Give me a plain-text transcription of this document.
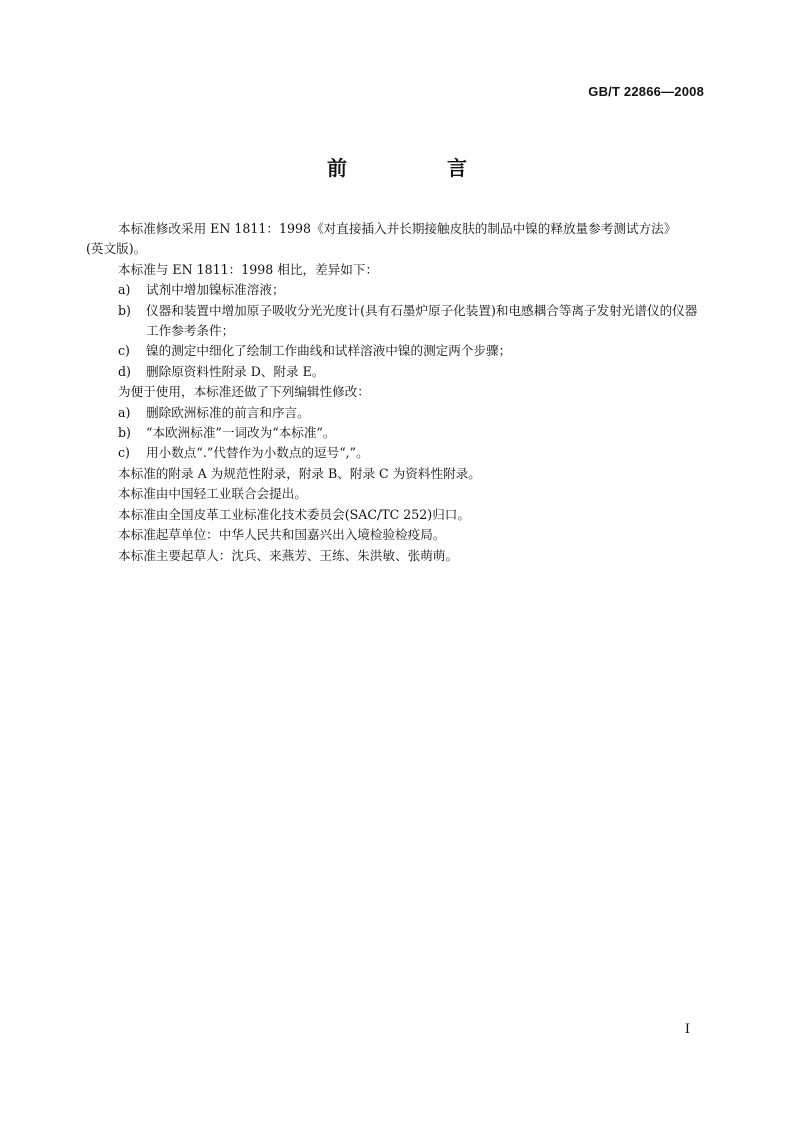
GB/T 22866—2008
前　言

本标准修改采用 EN 1811：1998《对直接插入并长期接触皮肤的制品中镍的释放量参考测试方法》

(英文版)。

本标准与 EN 1811：1998 相比，差异如下：

a)	试剂中增加镍标准溶液；
b)	仪器和装置中增加原子吸收分光光度计(具有石墨炉原子化装置)和电感耦合等离子发射光谱仪的仪器工作参考条件；
c)	镍的测定中细化了绘制工作曲线和试样溶液中镍的测定两个步骤；
d)	删除原资料性附录 D、附录 E。

为便于使用，本标准还做了下列编辑性修改：

a)	删除欧洲标准的前言和序言。
b)	“本欧洲标准”一词改为“本标准”。
c)	用小数点“.”代替作为小数点的逗号“,”。

本标准的附录 A 为规范性附录，附录 B、附录 C 为资料性附录。

本标准由中国轻工业联合会提出。

本标准由全国皮革工业标准化技术委员会(SAC/TC 252)归口。

本标准起草单位：中华人民共和国嘉兴出入境检验检疫局。

本标准主要起草人：沈兵、来燕芳、王练、朱洪敏、张萌萌。

I
